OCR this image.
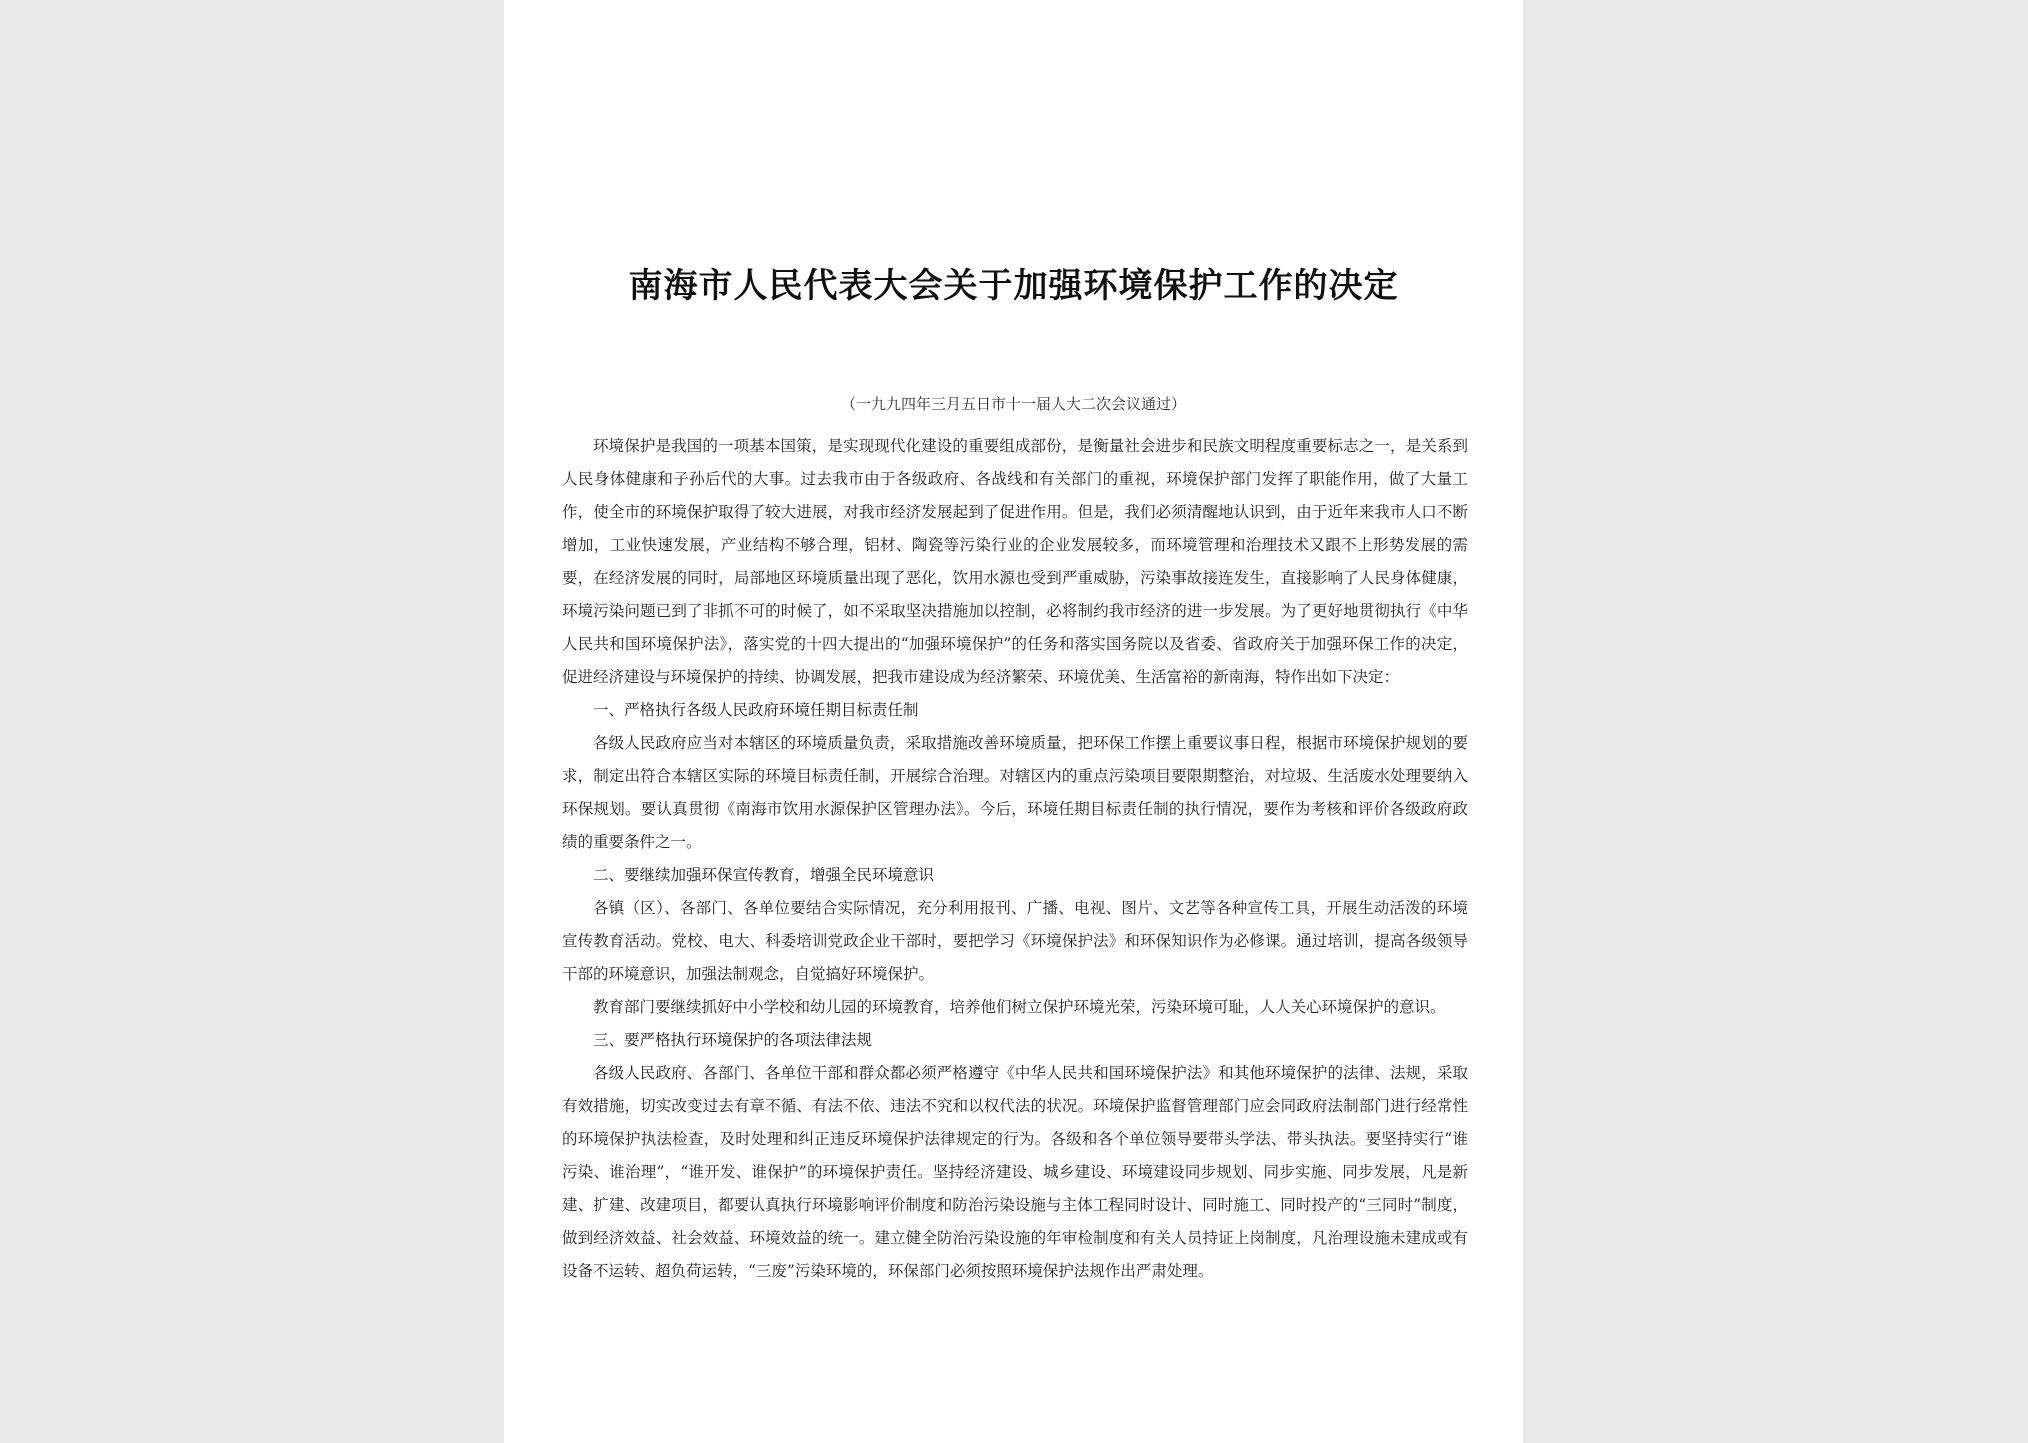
南海市人民代表大会关于加强环境保护工作的决定

（一九九四年三月五日市十一届人大二次会议通过）

环境保护是我国的一项基本国策，是实现现代化建设的重要组成部份，是衡量社会进步和民族文明程度重要标志之一，是关系到人民身体健康和子孙后代的大事。过去我市由于各级政府、各战线和有关部门的重视，环境保护部门发挥了职能作用，做了大量工作，使全市的环境保护取得了较大进展，对我市经济发展起到了促进作用。但是，我们必须清醒地认识到，由于近年来我市人口不断增加，工业快速发展，产业结构不够合理，铝材、陶瓷等污染行业的企业发展较多，而环境管理和治理技术又跟不上形势发展的需要，在经济发展的同时，局部地区环境质量出现了恶化，饮用水源也受到严重威胁，污染事故接连发生，直接影响了人民身体健康，环境污染问题已到了非抓不可的时候了，如不采取坚决措施加以控制，必将制约我市经济的进一步发展。为了更好地贯彻执行《中华人民共和国环境保护法》，落实党的十四大提出的“加强环境保护”的任务和落实国务院以及省委、省政府关于加强环保工作的决定，促进经济建设与环境保护的持续、协调发展，把我市建设成为经济繁荣、环境优美、生活富裕的新南海，特作出如下决定：

一、严格执行各级人民政府环境任期目标责任制

各级人民政府应当对本辖区的环境质量负责，采取措施改善环境质量，把环保工作摆上重要议事日程，根据市环境保护规划的要求，制定出符合本辖区实际的环境目标责任制，开展综合治理。对辖区内的重点污染项目要限期整治，对垃圾、生活废水处理要纳入环保规划。要认真贯彻《南海市饮用水源保护区管理办法》。今后，环境任期目标责任制的执行情况，要作为考核和评价各级政府政绩的重要条件之一。

二、要继续加强环保宣传教育，增强全民环境意识

各镇（区）、各部门、各单位要结合实际情况，充分利用报刊、广播、电视、图片、文艺等各种宣传工具，开展生动活泼的环境宣传教育活动。党校、电大、科委培训党政企业干部时，要把学习《环境保护法》和环保知识作为必修课。通过培训，提高各级领导干部的环境意识，加强法制观念，自觉搞好环境保护。

教育部门要继续抓好中小学校和幼儿园的环境教育，培养他们树立保护环境光荣，污染环境可耻，人人关心环境保护的意识。

三、要严格执行环境保护的各项法律法规

各级人民政府、各部门、各单位干部和群众都必须严格遵守《中华人民共和国环境保护法》和其他环境保护的法律、法规，采取有效措施，切实改变过去有章不循、有法不依、违法不究和以权代法的状况。环境保护监督管理部门应会同政府法制部门进行经常性的环境保护执法检查，及时处理和纠正违反环境保护法律规定的行为。各级和各个单位领导要带头学法、带头执法。要坚持实行“谁污染、谁治理”，“谁开发、谁保护”的环境保护责任。坚持经济建设、城乡建设、环境建设同步规划、同步实施、同步发展，凡是新建、扩建、改建项目，都要认真执行环境影响评价制度和防治污染设施与主体工程同时设计、同时施工、同时投产的“三同时”制度，做到经济效益、社会效益、环境效益的统一。建立健全防治污染设施的年审检制度和有关人员持证上岗制度，凡治理设施未建成或有设备不运转、超负荷运转，“三废”污染环境的，环保部门必须按照环境保护法规作出严肃处理。
